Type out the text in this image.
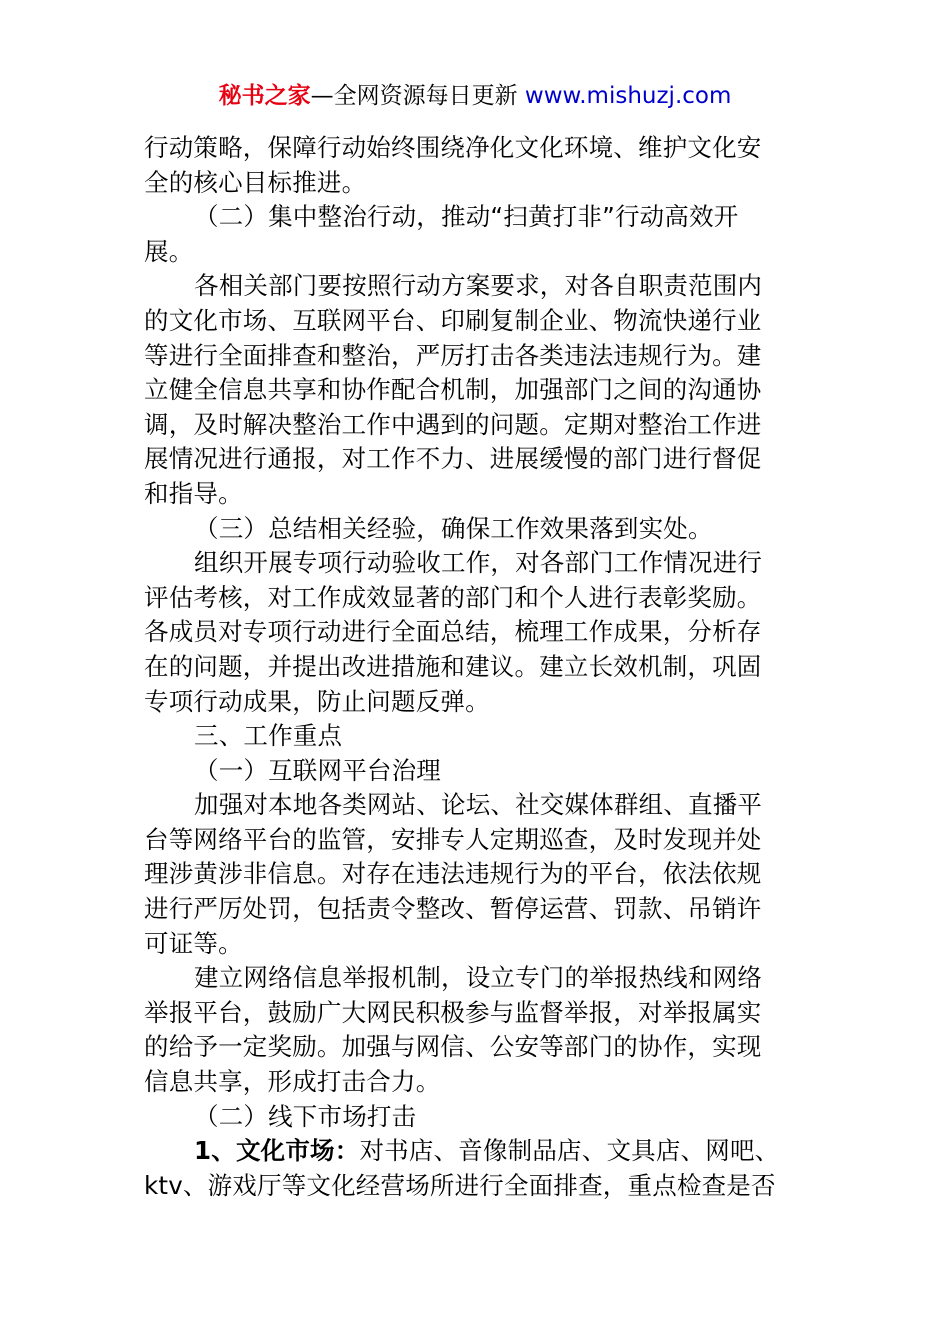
秘书之家—全网资源每日更新 www.mishuzj.com
行动策略，保障行动始终围绕净化文化环境、维护文化安
全的核心目标推进。
（二）集中整治行动，推动“扫黄打非”行动高效开
展。
各相关部门要按照行动方案要求，对各自职责范围内
的文化市场、互联网平台、印刷复制企业、物流快递行业
等进行全面排查和整治，严厉打击各类违法违规行为。建
立健全信息共享和协作配合机制，加强部门之间的沟通协
调，及时解决整治工作中遇到的问题。定期对整治工作进
展情况进行通报，对工作不力、进展缓慢的部门进行督促
和指导。
（三）总结相关经验，确保工作效果落到实处。
组织开展专项行动验收工作，对各部门工作情况进行
评估考核，对工作成效显著的部门和个人进行表彰奖励。
各成员对专项行动进行全面总结，梳理工作成果，分析存
在的问题，并提出改进措施和建议。建立长效机制，巩固
专项行动成果，防止问题反弹。
三、工作重点
（一）互联网平台治理
加强对本地各类网站、论坛、社交媒体群组、直播平
台等网络平台的监管，安排专人定期巡查，及时发现并处
理涉黄涉非信息。对存在违法违规行为的平台，依法依规
进行严厉处罚，包括责令整改、暂停运营、罚款、吊销许
可证等。
建立网络信息举报机制，设立专门的举报热线和网络
举报平台，鼓励广大网民积极参与监督举报，对举报属实
的给予一定奖励。加强与网信、公安等部门的协作，实现
信息共享，形成打击合力。
（二）线下市场打击
1、文化市场：对书店、音像制品店、文具店、网吧、
ktv、游戏厅等文化经营场所进行全面排查，重点检查是否
